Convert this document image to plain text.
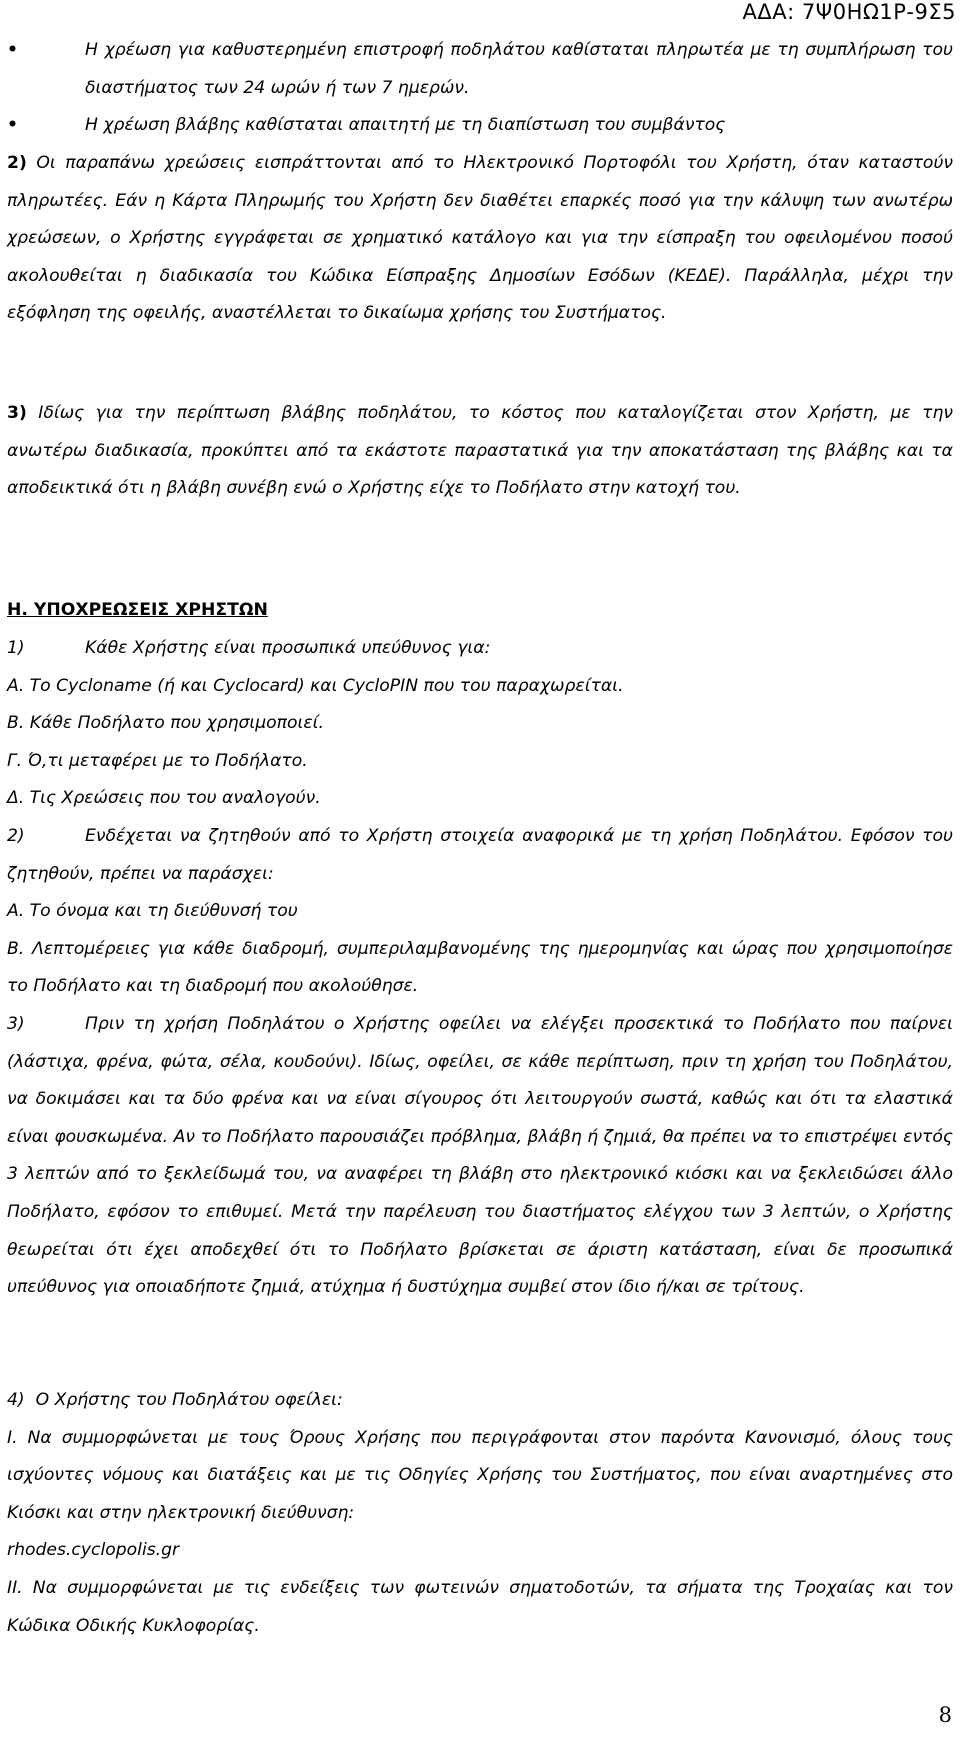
ΑΔΑ: 7Ψ0ΗΩ1Ρ-9Σ5
•	Η χρέωση για καθυστερημένη επιστροφή ποδηλάτου καθίσταται πληρωτέα με τη συμπλήρωση του διαστήματος των 24 ωρών ή των 7 ημερών.
•	Η χρέωση βλάβης καθίσταται απαιτητή με τη διαπίστωση του συμβάντος
2) Οι παραπάνω χρεώσεις εισπράττονται από το Ηλεκτρονικό Πορτοφόλι του Χρήστη, όταν καταστούν πληρωτέες. Εάν η Κάρτα Πληρωμής του Χρήστη δεν διαθέτει επαρκές ποσό για την κάλυψη των ανωτέρω χρεώσεων, ο Χρήστης εγγράφεται σε χρηματικό κατάλογο και για την είσπραξη του οφειλομένου ποσού ακολουθείται η διαδικασία του Κώδικα Είσπραξης Δημοσίων Εσόδων (ΚΕΔΕ). Παράλληλα, μέχρι την εξόφληση της οφειλής, αναστέλλεται το δικαίωμα χρήσης του Συστήματος.
3) Ιδίως για την περίπτωση βλάβης ποδηλάτου, το κόστος που καταλογίζεται στον Χρήστη, με την ανωτέρω διαδικασία, προκύπτει από τα εκάστοτε παραστατικά για την αποκατάσταση της βλάβης και τα αποδεικτικά ότι η βλάβη συνέβη ενώ ο Χρήστης είχε το Ποδήλατο στην κατοχή του.
Η. ΥΠΟΧΡΕΩΣΕΙΣ ΧΡΗΣΤΩΝ
1)	Κάθε Χρήστης είναι προσωπικά υπεύθυνος για:
Α. Το Cycloname (ή και Cyclocard) και CycloPIN που του παραχωρείται.
Β. Κάθε Ποδήλατο που χρησιμοποιεί.
Γ. Ό,τι μεταφέρει με το Ποδήλατο.
Δ. Τις Χρεώσεις που του αναλογούν.
2)	Ενδέχεται να ζητηθούν από το Χρήστη στοιχεία αναφορικά με τη χρήση Ποδηλάτου. Εφόσον του ζητηθούν, πρέπει να παράσχει:
Α. Το όνομα και τη διεύθυνσή του
Β. Λεπτομέρειες για κάθε διαδρομή, συμπεριλαμβανομένης της ημερομηνίας και ώρας που χρησιμοποίησε το Ποδήλατο και τη διαδρομή που ακολούθησε.
3)	Πριν τη χρήση Ποδηλάτου ο Χρήστης οφείλει να ελέγξει προσεκτικά το Ποδήλατο που παίρνει (λάστιχα, φρένα, φώτα, σέλα, κουδούνι). Ιδίως, οφείλει, σε κάθε περίπτωση, πριν τη χρήση του Ποδηλάτου, να δοκιμάσει και τα δύο φρένα και να είναι σίγουρος ότι λειτουργούν σωστά, καθώς και ότι τα ελαστικά είναι φουσκωμένα. Αν το Ποδήλατο παρουσιάζει πρόβλημα, βλάβη ή ζημιά, θα πρέπει να το επιστρέψει εντός 3 λεπτών από το ξεκλείδωμά του, να αναφέρει τη βλάβη στο ηλεκτρονικό κιόσκι και να ξεκλειδώσει άλλο Ποδήλατο, εφόσον το επιθυμεί. Μετά την παρέλευση του διαστήματος ελέγχου των 3 λεπτών, ο Χρήστης θεωρείται ότι έχει αποδεχθεί ότι το Ποδήλατο βρίσκεται σε άριστη κατάσταση, είναι δε προσωπικά υπεύθυνος για οποιαδήποτε ζημιά, ατύχημα ή δυστύχημα συμβεί στον ίδιο ή/και σε τρίτους.
4) Ο Χρήστης του Ποδηλάτου οφείλει:
I. Να συμμορφώνεται με τους Όρους Χρήσης που περιγράφονται στον παρόντα Κανονισμό, όλους τους ισχύοντες νόμους και διατάξεις και με τις Οδηγίες Χρήσης του Συστήματος, που είναι αναρτημένες στο Κιόσκι και στην ηλεκτρονική διεύθυνση:
rhodes.cyclopolis.gr
II. Να συμμορφώνεται με τις ενδείξεις των φωτεινών σηματοδοτών, τα σήματα της Τροχαίας και τον Κώδικα Οδικής Κυκλοφορίας.
8
